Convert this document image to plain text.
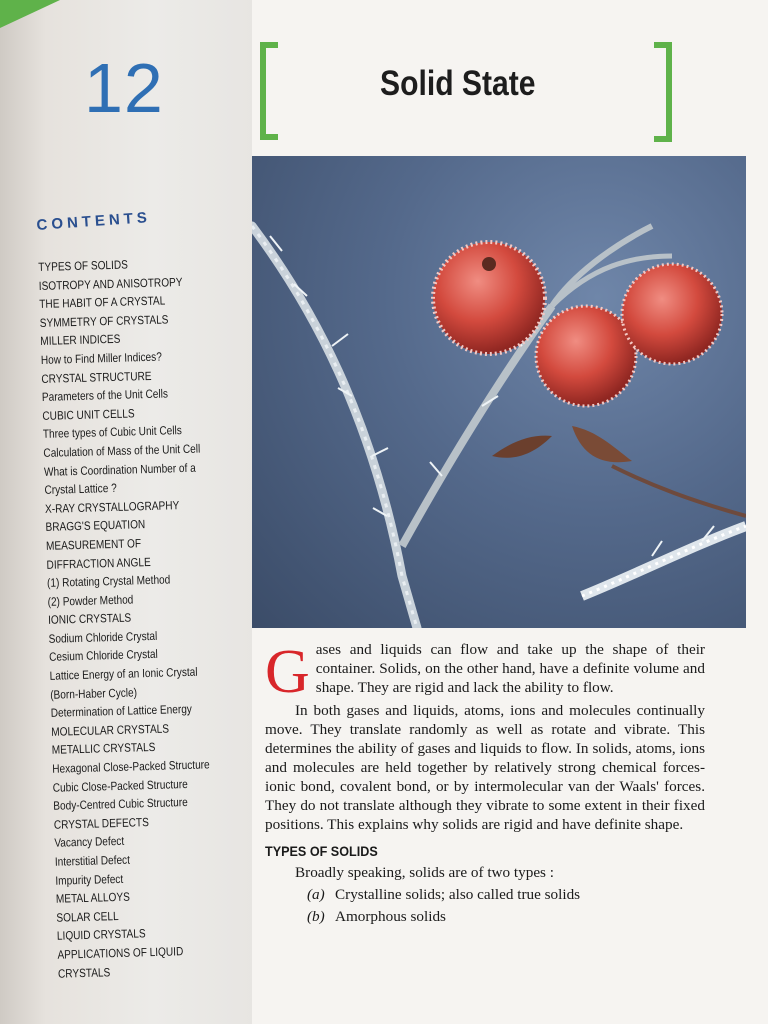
12	Solid State
CONTENTS
TYPES OF SOLIDS
ISOTROPY AND ANISOTROPY
THE HABIT OF A CRYSTAL
SYMMETRY OF CRYSTALS
MILLER INDICES
How to Find Miller Indices?
CRYSTAL STRUCTURE
Parameters of the Unit Cells
CUBIC UNIT CELLS
Three types of Cubic Unit Cells
Calculation of Mass of the Unit Cell
What is Coordination Number of a
Crystal Lattice ?
X-RAY CRYSTALLOGRAPHY
BRAGG'S EQUATION
MEASUREMENT OF
DIFFRACTION ANGLE
(1) Rotating Crystal Method
(2) Powder Method
IONIC CRYSTALS
Sodium Chloride Crystal
Cesium Chloride Crystal
Lattice Energy of an Ionic Crystal
(Born-Haber Cycle)
Determination of Lattice Energy
MOLECULAR CRYSTALS
METALLIC CRYSTALS
Hexagonal Close-Packed Structure
Cubic Close-Packed Structure
Body-Centred Cubic Structure
CRYSTAL DEFECTS
Vacancy Defect
Interstitial Defect
Impurity Defect
METAL ALLOYS
SOLAR CELL
LIQUID CRYSTALS
APPLICATIONS OF LIQUID
CRYSTALS

Gases and liquids can flow and take up the shape of their container. Solids, on the other hand, have a definite volume and shape. They are rigid and lack the ability to flow.

In both gases and liquids, atoms, ions and molecules continually move. They translate randomly as well as rotate and vibrate. This determines the ability of gases and liquids to flow. In solids, atoms, ions and molecules are held together by relatively strong chemical forces-ionic bond, covalent bond, or by intermolecular van der Waals' forces. They do not translate although they vibrate to some extent in their fixed positions. This explains why solids are rigid and have definite shape.

TYPES OF SOLIDS

Broadly speaking, solids are of two types :

(a) Crystalline solids; also called true solids

(b) Amorphous solids
